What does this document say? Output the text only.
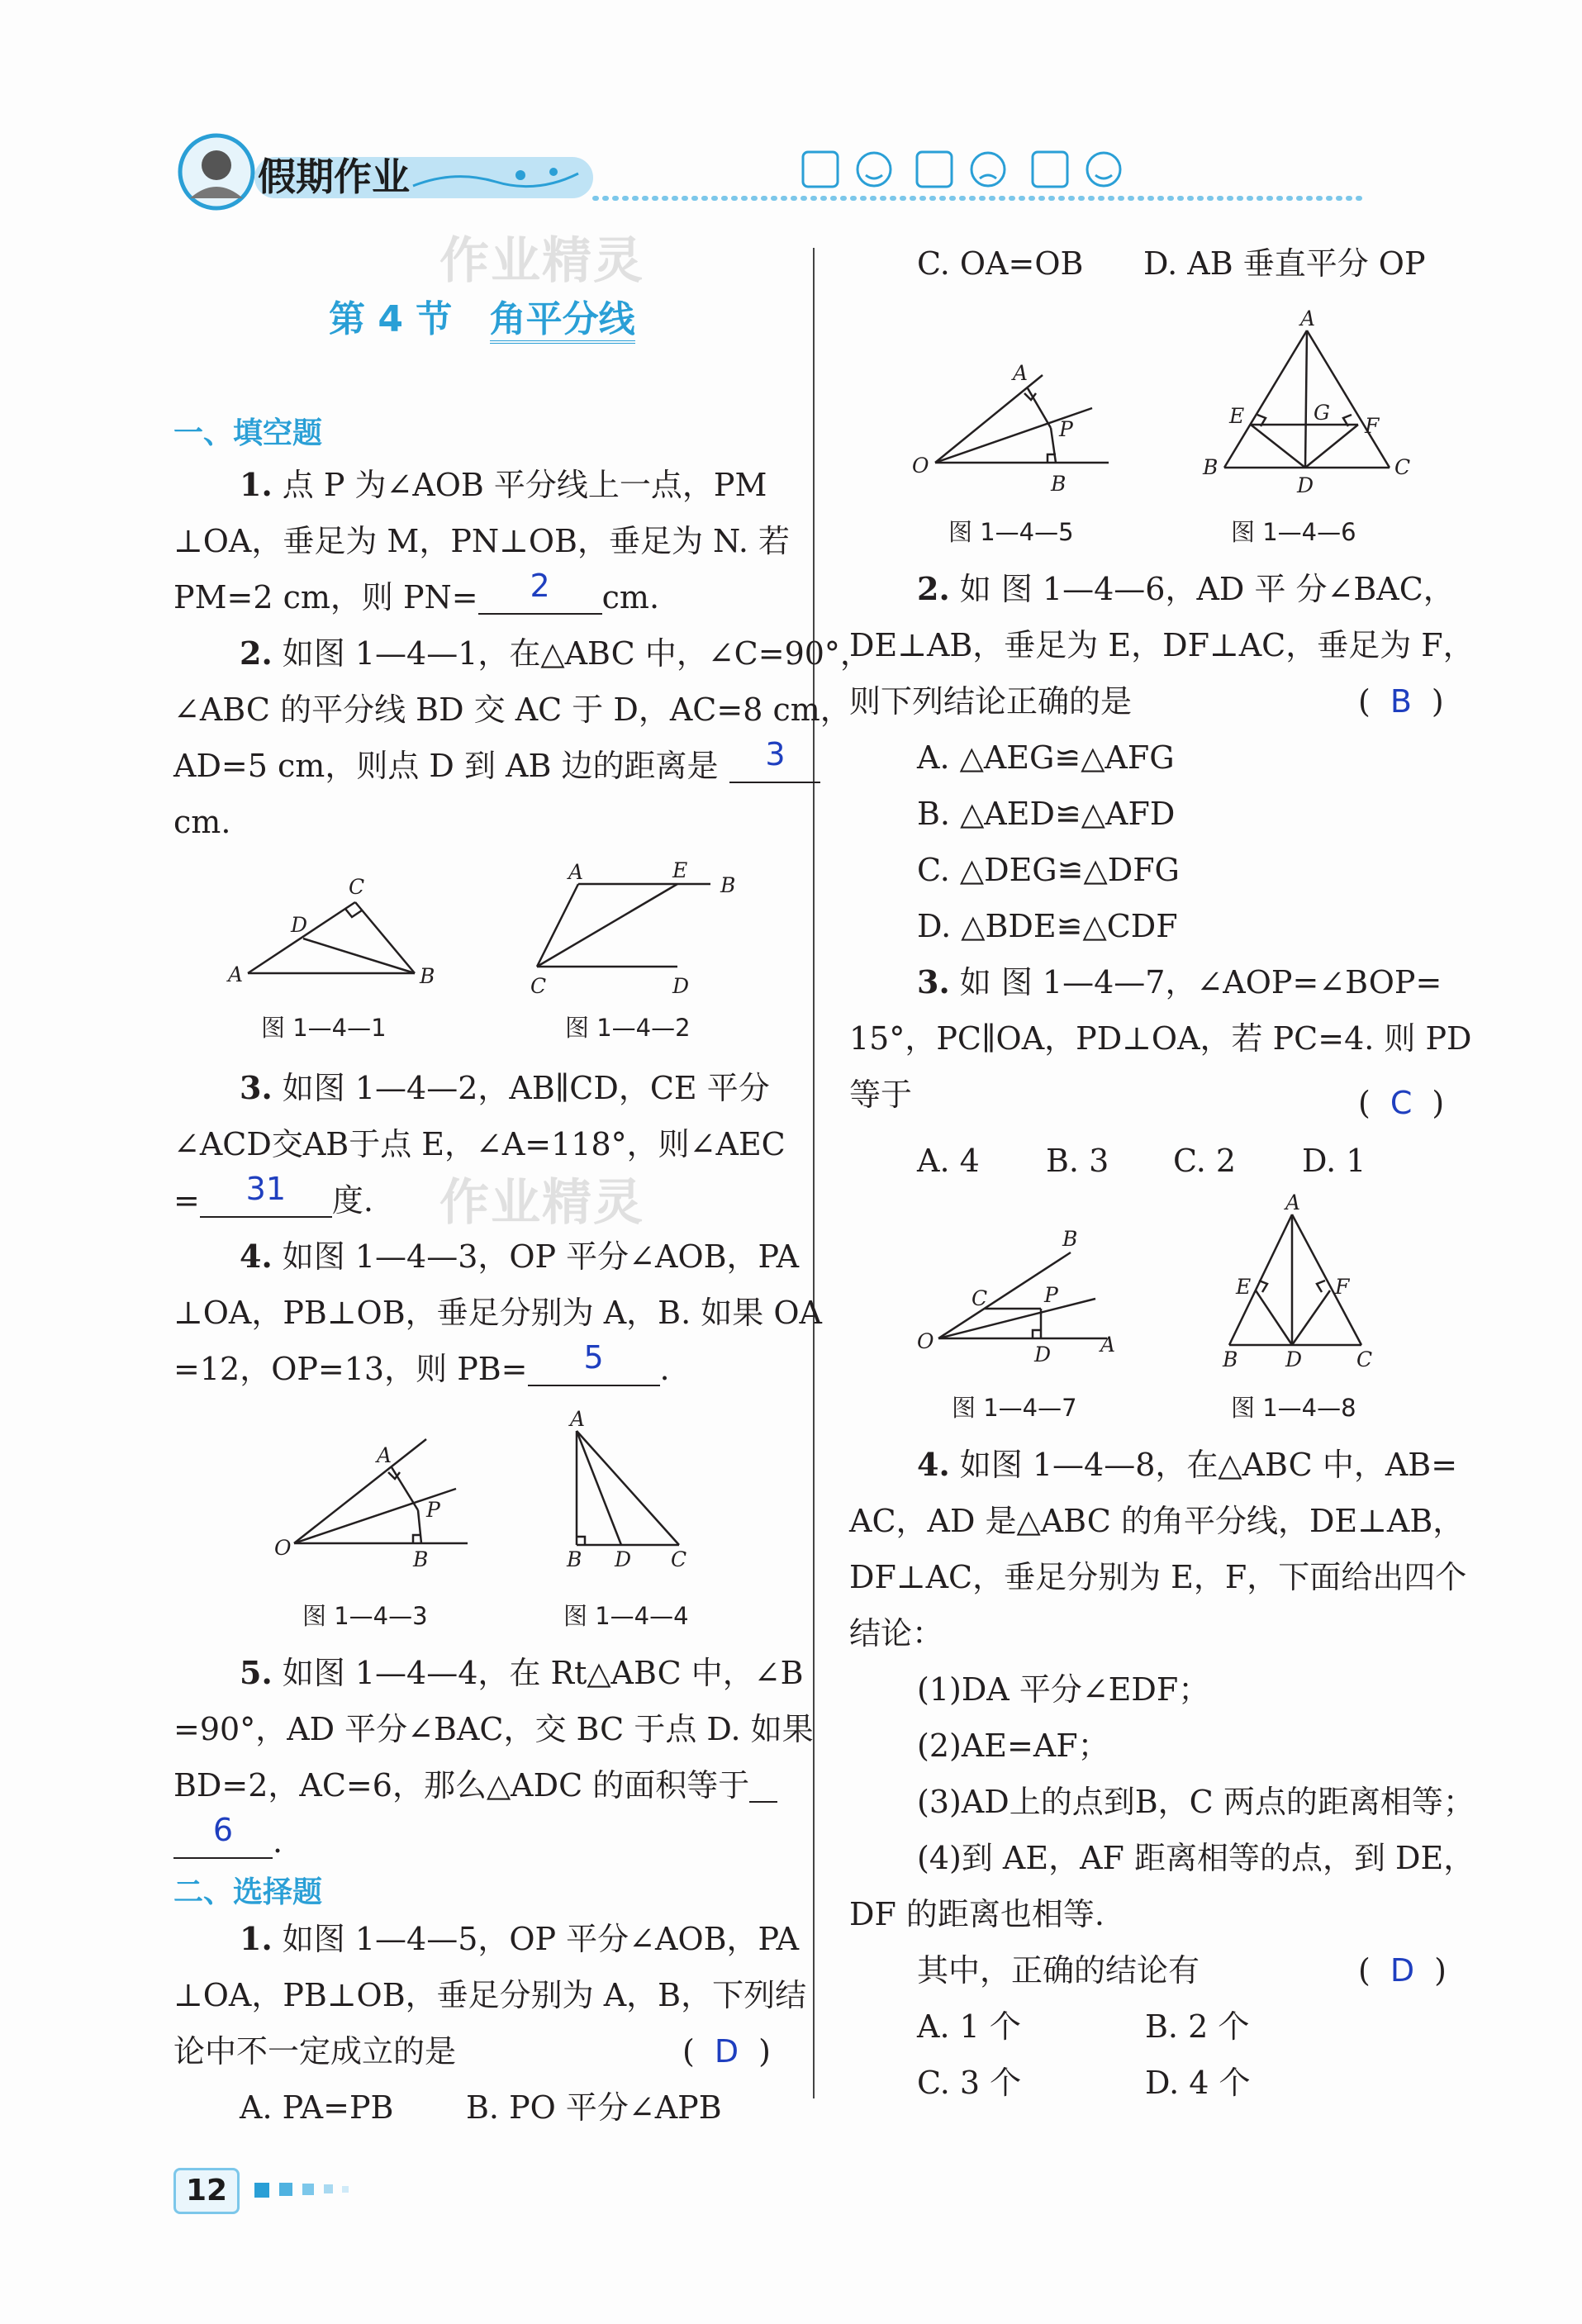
假期作业
作业精灵
作业精灵
第 4 节 角平分线
一、填空题
1. 点 P 为∠AOB 平分线上一点，PM
⊥OA，垂足为 M，PN⊥OB，垂足为 N. 若
PM=2 cm，则 PN= 2 cm.
2. 如图 1—4—1，在△ABC 中，∠C=90°，
∠ABC 的平分线 BD 交 AC 于 D，AC=8 cm，
AD=5 cm，则点 D 到 AB 边的距离是 3
cm.
A	B
C
D
图 1—4—1
A	E
B
C	D
图 1—4—2
3. 如图 1—4—2，AB∥CD，CE 平分
∠ACD交AB于点 E，∠A=118°，则∠AEC
= 31 度.
4. 如图 1—4—3，OP 平分∠AOB，PA
⊥OA，PB⊥OB，垂足分别为 A，B. 如果 OA
=12，OP=13，则 PB= 5 .
O
A
P
B
图 1—4—3
A
B D C
图 1—4—4
5. 如图 1—4—4，在 Rt△ABC 中，∠B
=90°，AD 平分∠BAC，交 BC 于点 D. 如果
BD=2，AC=6，那么△ADC 的面积等于
6 .
二、选择题
1. 如图 1—4—5，OP 平分∠AOB，PA
⊥OA，PB⊥OB，垂足分别为 A，B，下列结
论中不一定成立的是	( D )
A. PA=PB B. PO 平分∠APB
C. OA=OB D. AB 垂直平分 OP
O
A
P
B
图 1—4—5
A
E	G
F
B
D
C
图 1—4—6
2. 如 图 1—4—6，AD 平 分∠BAC，
DE⊥AB，垂足为 E，DF⊥AC，垂足为 F，
则下列结论正确的是	( B )
A. △AEG≌△AFG
B. △AED≌△AFD
C. △DEG≌△DFG
D. △BDE≌△CDF
3. 如 图 1—4—7，∠AOP=∠BOP=
15°，PC∥OA，PD⊥OA，若 PC=4. 则 PD
等于	( C )
A. 4 B. 3 C. 2 D. 1
O
C	P
D A
B
图 1—4—7
A
E	F
B D	C
图 1—4—8
4. 如图 1—4—8，在△ABC 中，AB=
AC，AD 是△ABC 的角平分线，DE⊥AB，
DF⊥AC，垂足分别为 E，F，下面给出四个
结论：
(1)DA 平分∠EDF；
(2)AE=AF；
(3)AD上的点到B，C 两点的距离相等；
(4)到 AE，AF 距离相等的点，到 DE，
DF 的距离也相等.
其中，正确的结论有	( D )
A. 1 个	B. 2 个
C. 3 个	D. 4 个
12
